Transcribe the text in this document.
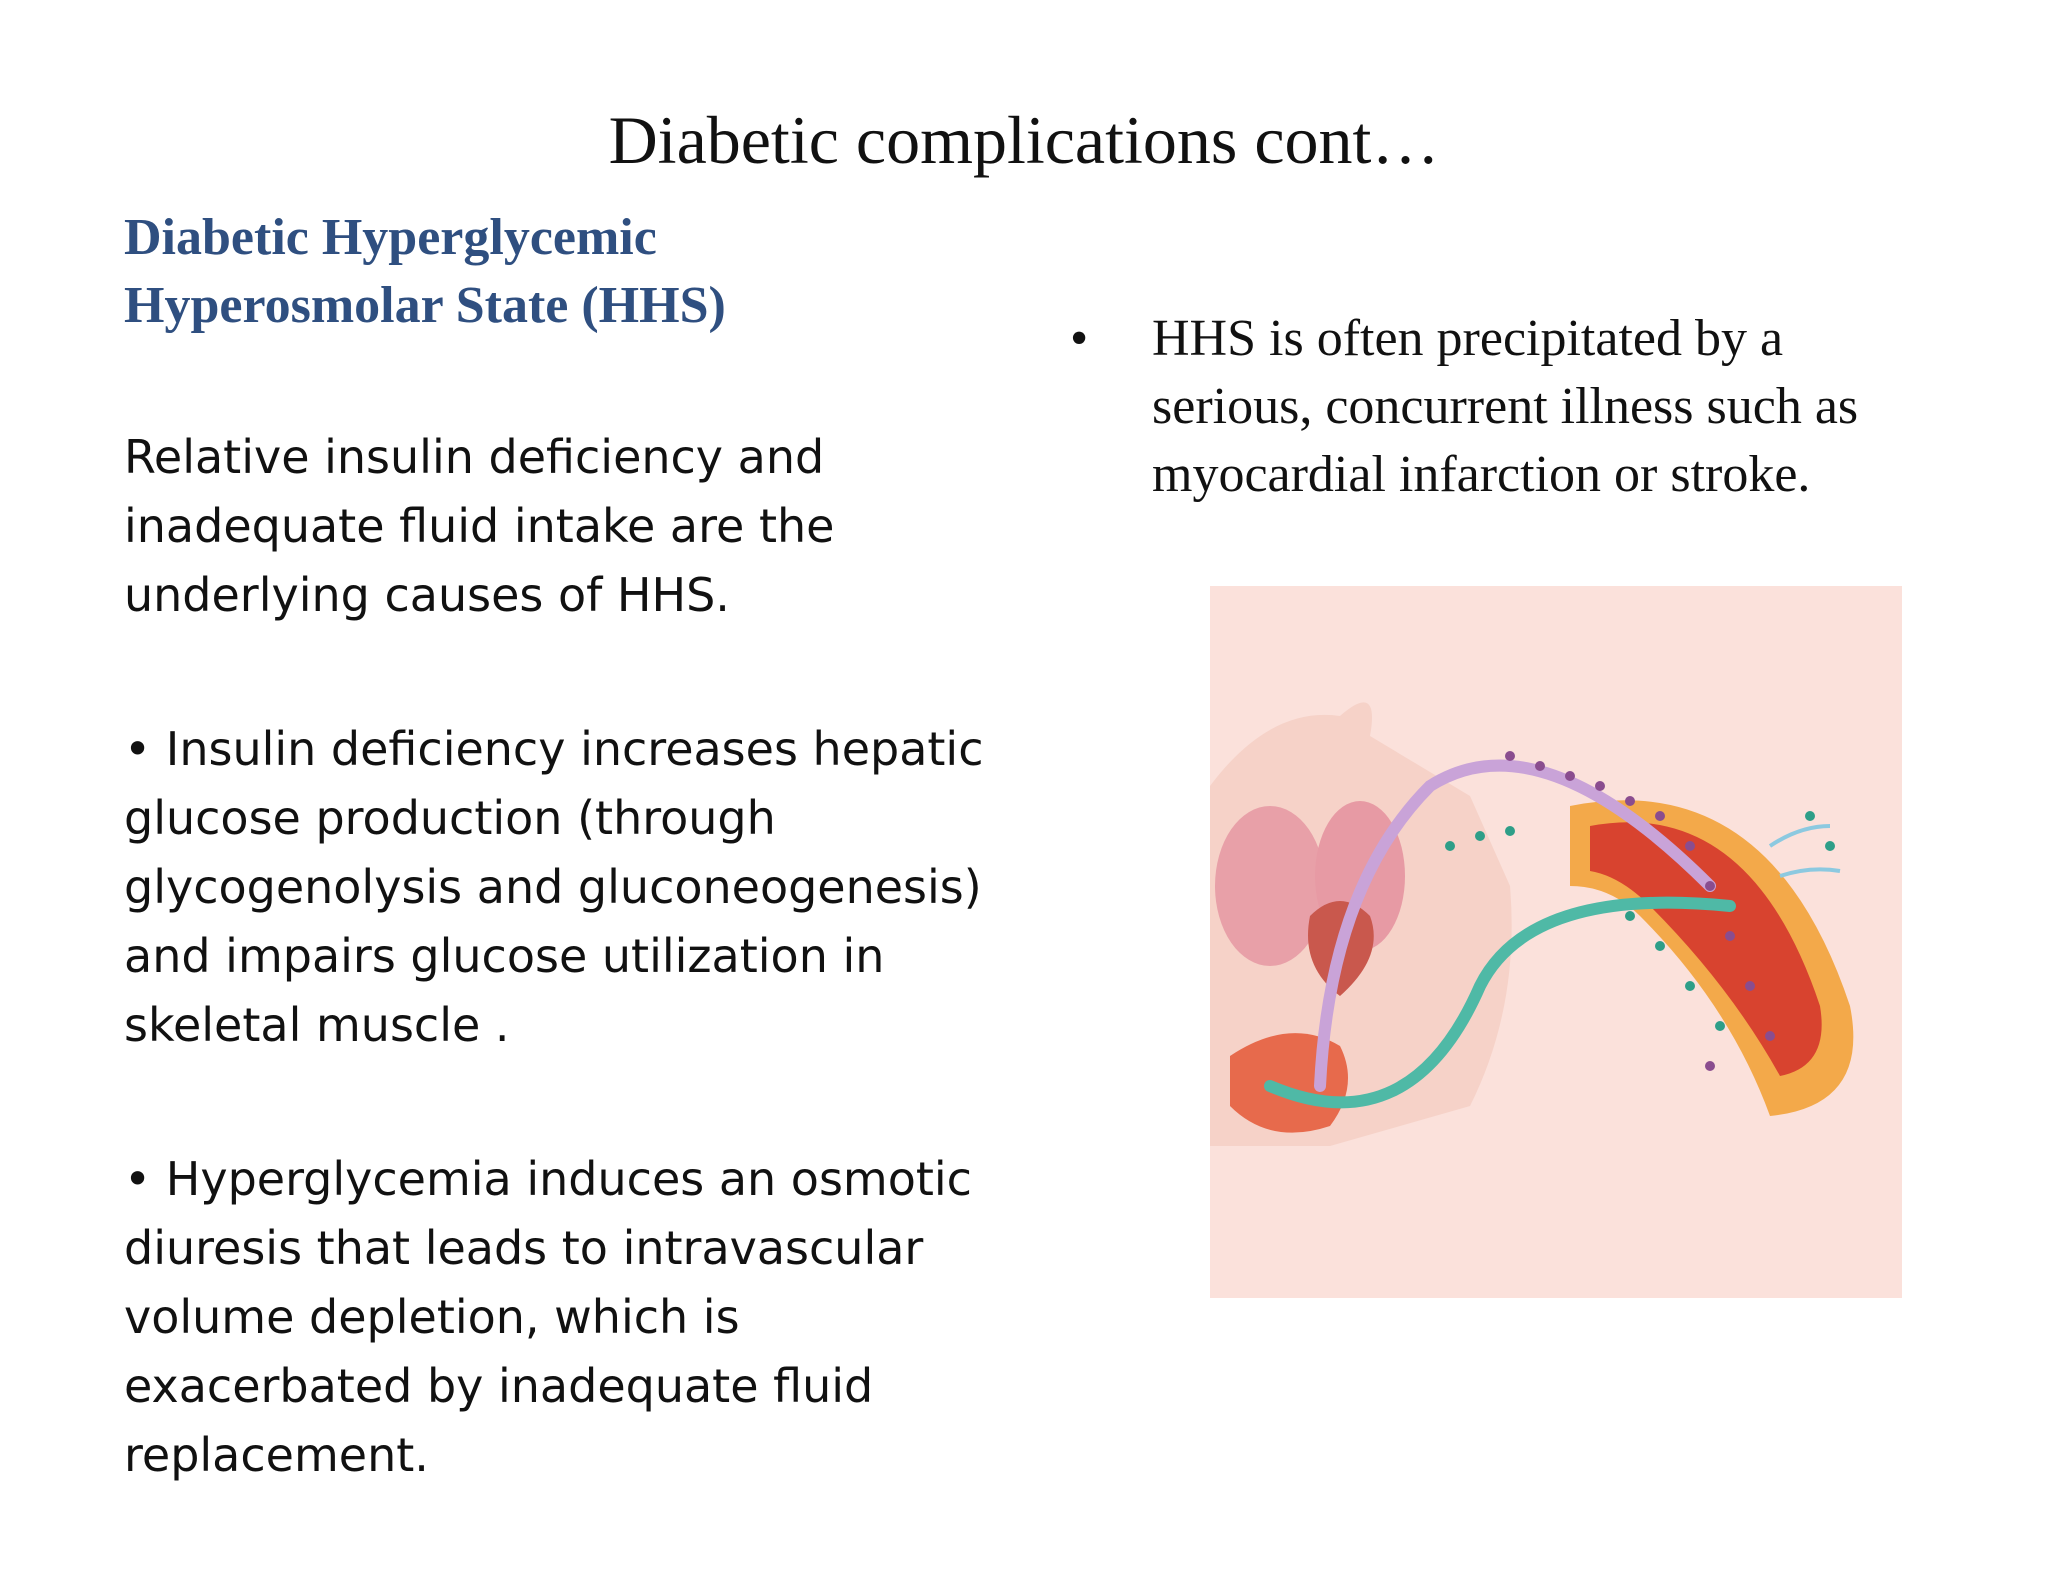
Diabetic complications cont…
Diabetic Hyperglycemic
Hyperosmolar State (HHS)

Relative insulin deficiency and
inadequate fluid intake are the
underlying causes of HHS.

• Insulin deficiency increases hepatic
glucose production (through
glycogenolysis and gluconeogenesis)
and impairs glucose utilization in
skeletal muscle .

• Hyperglycemia induces an osmotic
diuresis that leads to intravascular
volume depletion, which is
exacerbated by inadequate fluid
replacement.

•	HHS is often precipitated by a
serious, concurrent illness such as
myocardial infarction or stroke.
